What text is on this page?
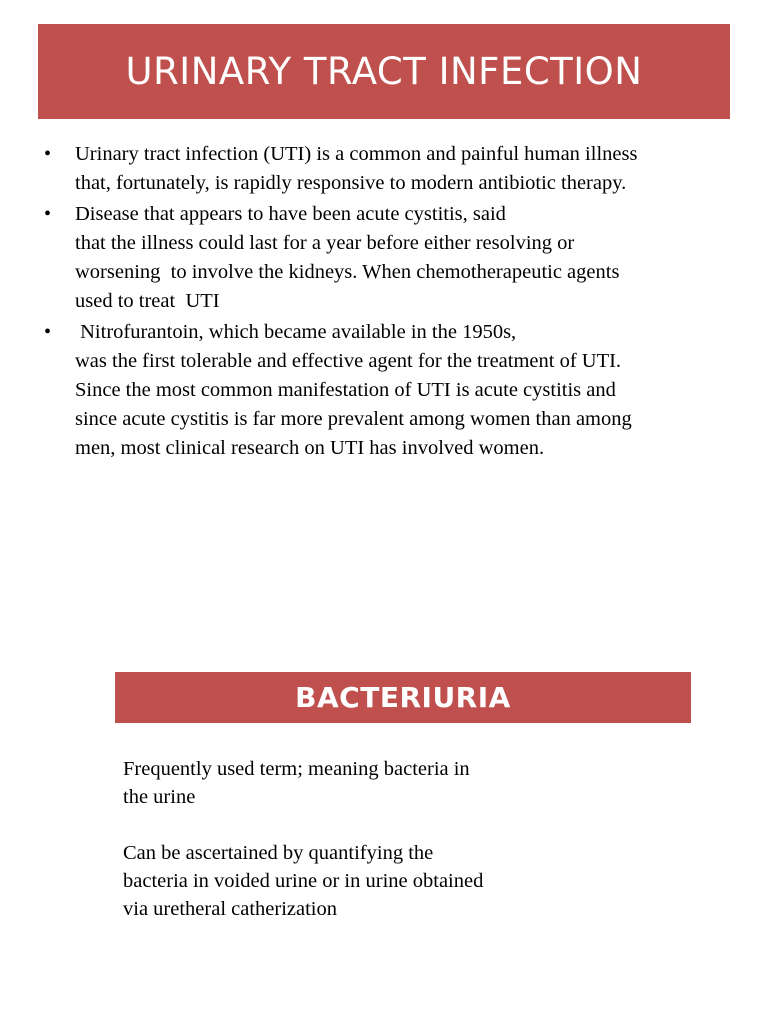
URINARY TRACT INFECTION
• Urinary tract infection (UTI) is a common and painful human illness
that, fortunately, is rapidly responsive to modern antibiotic therapy.
• Disease that appears to have been acute cystitis, said
that the illness could last for a year before either resolving or
worsening  to involve the kidneys. When chemotherapeutic agents
used to treat  UTI
• Nitrofurantoin, which became available in the 1950s,
was the first tolerable and effective agent for the treatment of UTI.
Since the most common manifestation of UTI is acute cystitis and
since acute cystitis is far more prevalent among women than among
men, most clinical research on UTI has involved women.
BACTERIURIA

Frequently used term; meaning bacteria in
the urine

Can be ascertained by quantifying the
bacteria in voided urine or in urine obtained
via uretheral catherization
